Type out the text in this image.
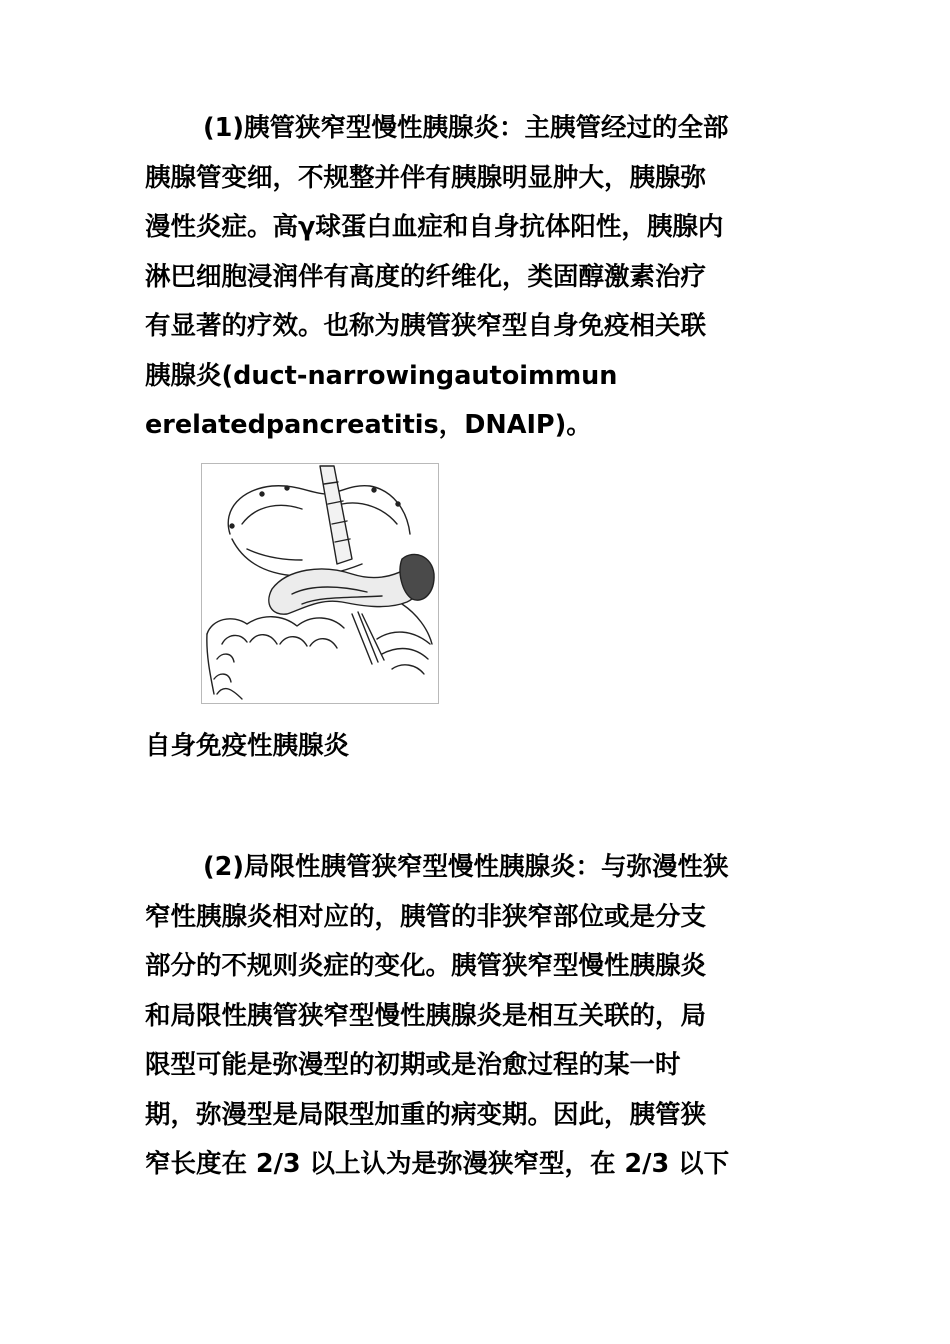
(1)胰管狭窄型慢性胰腺炎：主胰管经过的全部
胰腺管变细，不规整并伴有胰腺明显肿大，胰腺弥
漫性炎症。高γ球蛋白血症和自身抗体阳性，胰腺内
淋巴细胞浸润伴有高度的纤维化，类固醇激素治疗
有显著的疗效。也称为胰管狭窄型自身免疫相关联
胰腺炎(duct-narrowingautoimmun
erelatedpancreatitis，DNAIP)。
自身免疫性胰腺炎
(2)局限性胰管狭窄型慢性胰腺炎：与弥漫性狭
窄性胰腺炎相对应的，胰管的非狭窄部位或是分支
部分的不规则炎症的变化。胰管狭窄型慢性胰腺炎
和局限性胰管狭窄型慢性胰腺炎是相互关联的，局
限型可能是弥漫型的初期或是治愈过程的某一时
期，弥漫型是局限型加重的病变期。因此，胰管狭
窄长度在 2/3 以上认为是弥漫狭窄型，在 2/3 以下
